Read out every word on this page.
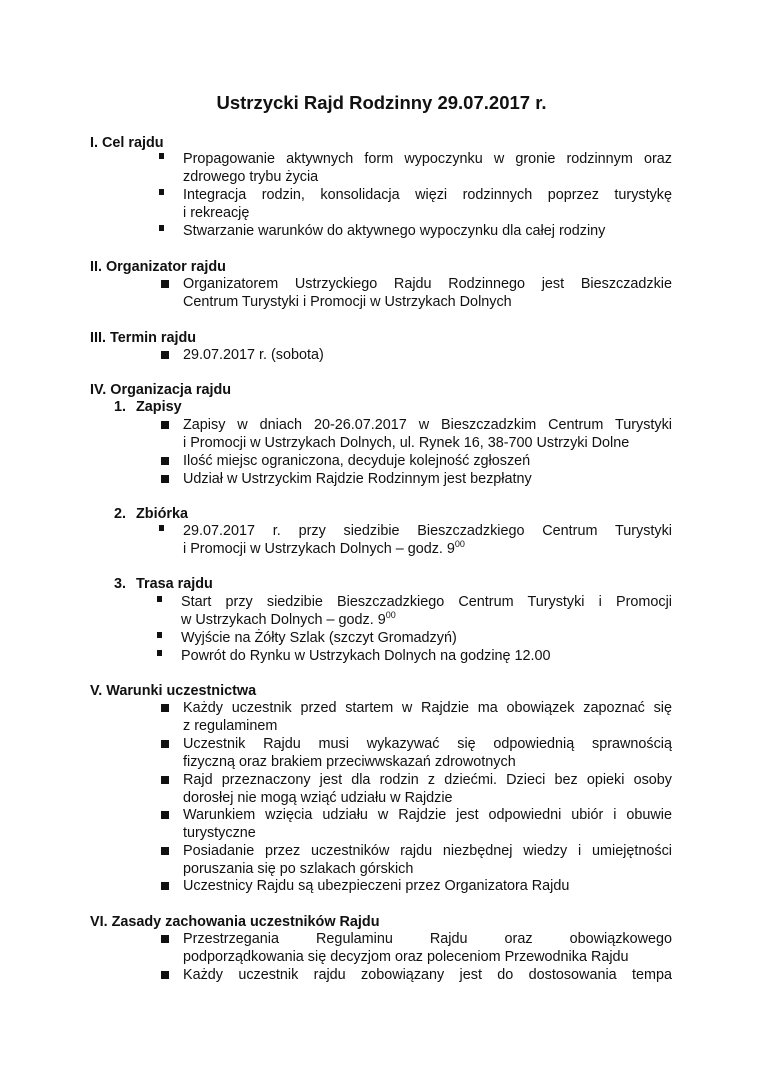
Ustrzycki Rajd Rodzinny 29.07.2017 r.
I. Cel rajdu
Propagowanie aktywnych form wypoczynku w gronie rodzinnym oraz
zdrowego trybu życia
Integracja rodzin, konsolidacja więzi rodzinnych poprzez turystykę
i rekreację
Stwarzanie warunków do aktywnego wypoczynku dla całej rodziny
II. Organizator rajdu
Organizatorem Ustrzyckiego Rajdu Rodzinnego jest Bieszczadzkie
Centrum Turystyki i Promocji w Ustrzykach Dolnych
III. Termin rajdu
29.07.2017 r. (sobota)
IV. Organizacja rajdu
1. Zapisy
Zapisy w dniach 20-26.07.2017 w Bieszczadzkim Centrum Turystyki
i Promocji w Ustrzykach Dolnych, ul. Rynek 16, 38-700 Ustrzyki Dolne
Ilość miejsc ograniczona, decyduje kolejność zgłoszeń
Udział w Ustrzyckim Rajdzie Rodzinnym jest bezpłatny
2. Zbiórka
29.07.2017 r. przy siedzibie Bieszczadzkiego Centrum Turystyki
i Promocji w Ustrzykach Dolnych – godz. $9^{00}$
3. Trasa rajdu
Start przy siedzibie Bieszczadzkiego Centrum Turystyki i Promocji
w Ustrzykach Dolnych – godz. $9^{00}$
Wyjście na Żółty Szlak (szczyt Gromadzyń)
Powrót do Rynku w Ustrzykach Dolnych na godzinę 12.00
V. Warunki uczestnictwa
Każdy uczestnik przed startem w Rajdzie ma obowiązek zapoznać się
z regulaminem
Uczestnik Rajdu musi wykazywać się odpowiednią sprawnością
fizyczną oraz brakiem przeciwwskazań zdrowotnych
Rajd przeznaczony jest dla rodzin z dziećmi. Dzieci bez opieki osoby
dorosłej nie mogą wziąć udziału w Rajdzie
Warunkiem wzięcia udziału w Rajdzie jest odpowiedni ubiór i obuwie
turystyczne
Posiadanie przez uczestników rajdu niezbędnej wiedzy i umiejętności
poruszania się po szlakach górskich
Uczestnicy Rajdu są ubezpieczeni przez Organizatora Rajdu
VI. Zasady zachowania uczestników Rajdu
Przestrzegania Regulaminu Rajdu oraz obowiązkowego
podporządkowania się decyzjom oraz poleceniom Przewodnika Rajdu
Każdy uczestnik rajdu zobowiązany jest do dostosowania tempa
